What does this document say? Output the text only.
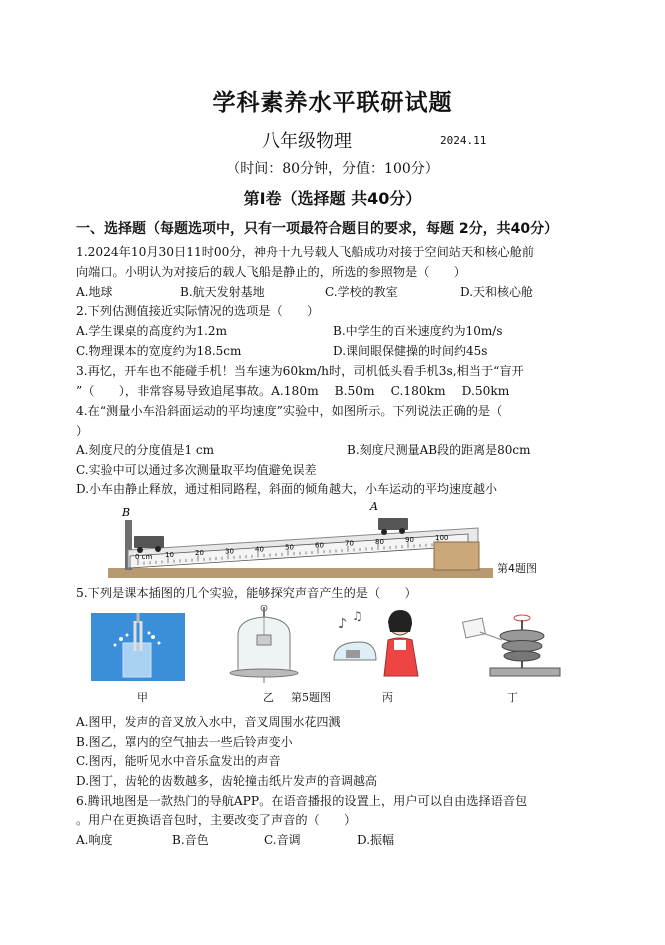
学科素养水平联研试题
八年级物理	2024.11
（时间：80分钟，分值：100分）
第Ⅰ卷（选择题 共40分）
一、选择题（每题选项中，只有一项最符合题目的要求，每题 2分，共40分）
1.2024年10月30日11时00分，神舟十九号载人飞船成功对接于空间站天和核心舱前
向端口。小明认为对接后的载人飞船是静止的，所选的参照物是（　　）
A.地球	B.航天发射基地	C.学校的教室	D.天和核心舱
2.下列估测值接近实际情况的选项是（　　）
A.学生课桌的高度约为1.2m	B.中学生的百米速度约为10m/s
C.物理课本的宽度约为18.5cm	D.课间眼保健操的时间约45s
3.再忆，开车也不能碰手机！当车速为60km/h时，司机低头看手机3s,相当于“盲开
”（　　），非常容易导致追尾事故。A.180m　 B.50m　 C.180km　 D.50km
4.在“测量小车沿斜面运动的平均速度”实验中，如图所示。下列说法正确的是（
）
A.刻度尺的分度值是1 cm	B.刻度尺测量AB段的距离是80cm
C.实验中可以通过多次测量取平均值避免误差
D.小车由静止释放，通过相同路程，斜面的倾角越大，小车运动的平均速度越小
0 cm 10	20	30	40	50	60	70	80	90	100
B	A
第4题图
5.下列是课本插图的几个实验，能够探究声音产生的是（　　）
♪ ♫
甲	乙 第5题图	丙	丁
A.图甲，发声的音叉放入水中，音叉周围水花四溅
B.图乙，罩内的空气抽去一些后铃声变小
C.图丙，能听见水中音乐盒发出的声音
D.图丁，齿轮的齿数越多，齿轮撞击纸片发声的音调越高
6.腾讯地图是一款热门的导航APP。在语音播报的设置上，用户可以自由选择语音包
。用户在更换语音包时，主要改变了声音的（　　）
A.响度	B.音色	C.音调	D.振幅
